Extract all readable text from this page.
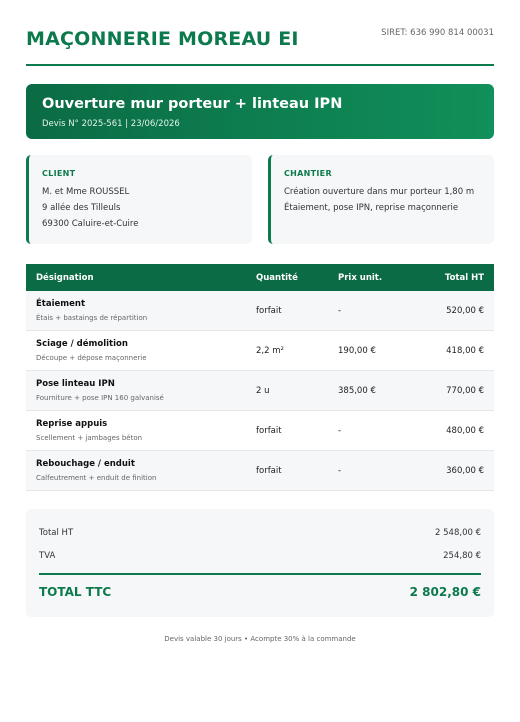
MAÇONNERIE MOREAU EI	SIRET: 636 990 814 00031
Ouverture mur porteur + linteau IPN
Devis N° 2025-561 | 23/06/2026
CLIENT
M. et Mme ROUSSEL
9 allée des Tilleuls
69300 Caluire-et-Cuire
CHANTIER
Création ouverture dans mur porteur 1,80 m
Étaiement, pose IPN, reprise maçonnerie
Désignation	Quantité	Prix unit.	Total HT
Étaiement
Étais + bastaings de répartition
forfait	-	520,00 €
Sciage / démolition
Découpe + dépose maçonnerie
2,2 m²	190,00 €	418,00 €
Pose linteau IPN
Fourniture + pose IPN 160 galvanisé
2 u	385,00 €	770,00 €
Reprise appuis
Scellement + jambages béton
forfait	-	480,00 €
Rebouchage / enduit
Calfeutrement + enduit de finition
forfait	-	360,00 €
Total HT	2 548,00 €
TVA	254,80 €
TOTAL TTC	2 802,80 €
Devis valable 30 jours • Acompte 30% à la commande
